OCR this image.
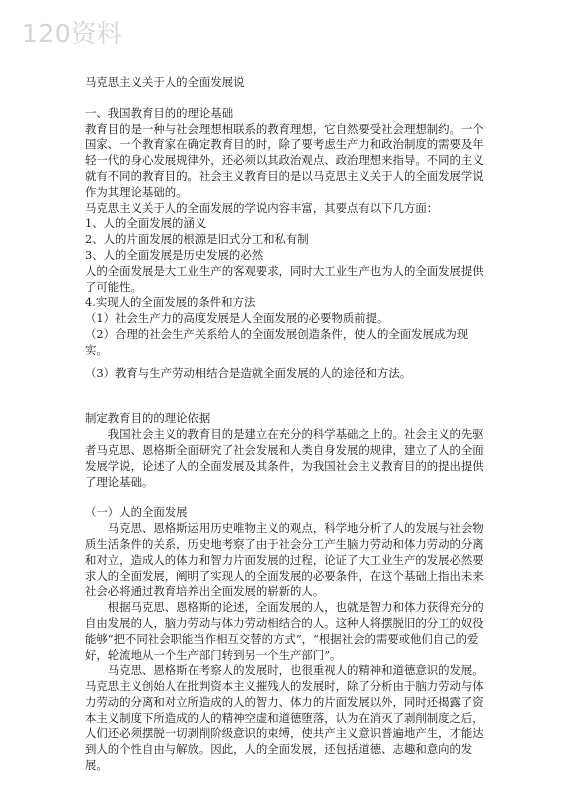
120资料

马克思主义关于人的全面发展说

一、我国教育目的的理论基础

教育目的是一种与社会理想相联系的教育理想，它自然要受社会理想制约。一个国家、一个教育家在确定教育目的时，除了要考虑生产力和政治制度的需要及年轻一代的身心发展规律外，还必须以其政治观点、政治理想来指导。不同的主义就有不同的教育目的。社会主义教育目的是以马克思主义关于人的全面发展学说作为其理论基础的。

马克思主义关于人的全面发展的学说内容丰富，其要点有以下几方面：

1、人的全面发展的涵义

2、人的片面发展的根源是旧式分工和私有制

3、人的全面发展是历史发展的必然

人的全面发展是大工业生产的客观要求，同时大工业生产也为人的全面发展提供了可能性。

4.实现人的全面发展的条件和方法

（1）社会生产力的高度发展是人全面发展的必要物质前提。

（2）合理的社会生产关系给人的全面发展创造条件，使人的全面发展成为现实。

（3）教育与生产劳动相结合是造就全面发展的人的途径和方法。

制定教育目的的理论依据

我国社会主义的教育目的是建立在充分的科学基础之上的。社会主义的先驱者马克思、恩格斯全面研究了社会发展和人类自身发展的规律，建立了人的全面发展学说，论述了人的全面发展及其条件，为我国社会主义教育目的的提出提供了理论基础。

（一）人的全面发展

马克思、恩格斯运用历史唯物主义的观点，科学地分析了人的发展与社会物质生活条件的关系，历史地考察了由于社会分工产生脑力劳动和体力劳动的分离和对立，造成人的体力和智力片面发展的过程，论证了大工业生产的发展必然要求人的全面发展，阐明了实现人的全面发展的必要条件，在这个基础上指出未来社会必将通过教育培养出全面发展的崭新的人。

根据马克思、恩格斯的论述，全面发展的人，也就是智力和体力获得充分的自由发展的人，脑力劳动与体力劳动相结合的人。这种人将摆脱旧的分工的奴役能够“把不同社会职能当作相互交替的方式”，“根据社会的需要或他们自己的爱好，轮流地从一个生产部门转到另一个生产部门”。

马克思、恩格斯在考察人的发展时，也很重视人的精神和道德意识的发展。马克思主义创始人在批判资本主义摧残人的发展时，除了分析由于脑力劳动与体力劳动的分离和对立所造成的人的智力、体力的片面发展以外，同时还揭露了资本主义制度下所造成的人的精神空虚和道德堕落，认为在消灭了剥削制度之后，人们还必须摆脱一切剥削阶级意识的束缚，使共产主义意识普遍地产生，才能达到人的个性自由与解放。因此，人的全面发展，还包括道德、志趣和意向的发展。
